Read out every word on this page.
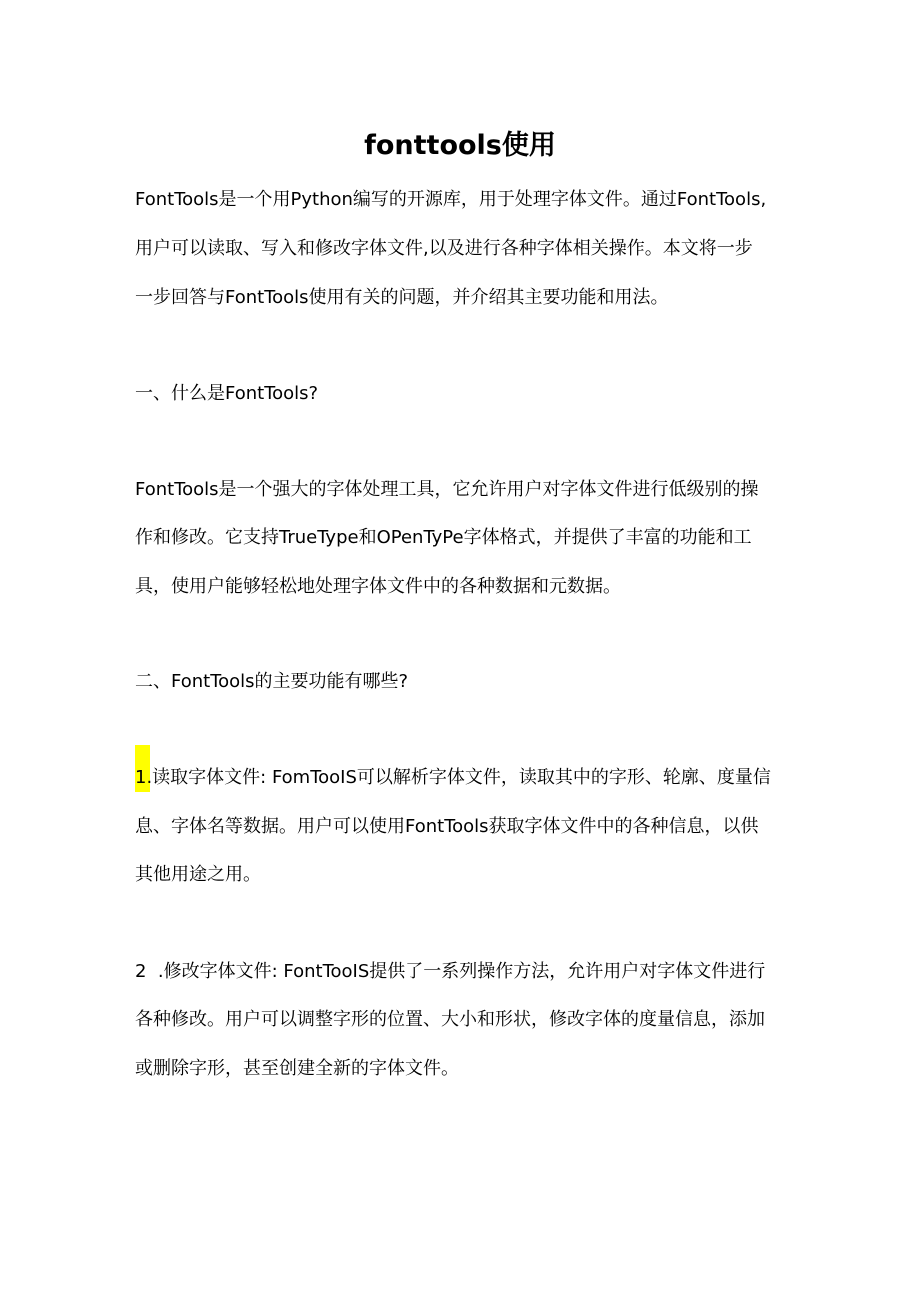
fonttools使用
FontTools是一个用Python编写的开源库，用于处理字体文件。通过FontTools,
用户可以读取、写入和修改字体文件,以及进行各种字体相关操作。本文将一步
一步回答与FontTools使用有关的问题，并介绍其主要功能和用法。
一、什么是FontTools?
FontTools是一个强大的字体处理工具，它允许用户对字体文件进行低级别的操
作和修改。它支持TrueType和OPenTyPe字体格式，并提供了丰富的功能和工
具，使用户能够轻松地处理字体文件中的各种数据和元数据。
二、FontTools的主要功能有哪些?
1.读取字体文件: FomTooIS可以解析字体文件，读取其中的字形、轮廓、度量信
息、字体名等数据。用户可以使用FontTools获取字体文件中的各种信息，以供
其他用途之用。
2  .修改字体文件: FontTooIS提供了一系列操作方法，允许用户对字体文件进行
各种修改。用户可以调整字形的位置、大小和形状，修改字体的度量信息，添加
或删除字形，甚至创建全新的字体文件。
